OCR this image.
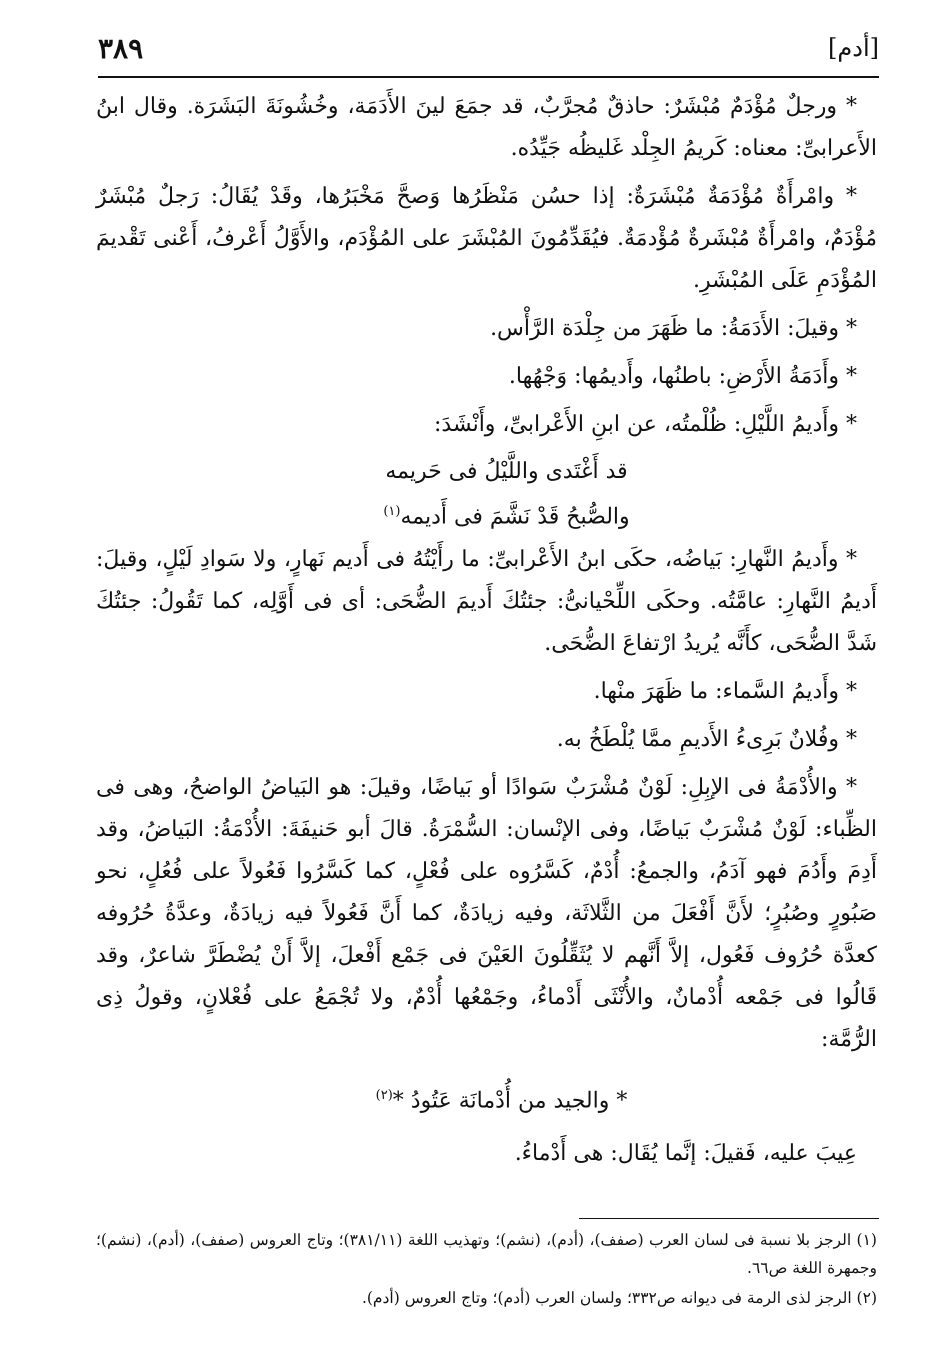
[أدم]
٣٨٩

* ورجلٌ مُؤْدَمٌ مُبْشَرٌ: حاذقٌ مُجرَّبٌ، قد جمَعَ لينَ الأَدَمَة، وخُشُونَةَ البَشَرَة. وقال ابنُ الأَعرابىِّ: معناه: كَريمُ الجِلْد غَليظُه جَيِّدُه.

* وامْرأَةٌ مُؤْدَمَةٌ مُبْشَرَةٌ: إذا حسُن مَنْظَرُها وَصحَّ مَخْبَرُها، وقَدْ يُقَالُ: رَجلٌ مُبْشَرٌ مُؤْدَمٌ، وامْرأَةٌ مُبْشَرةٌ مُؤْدمَةٌ. فيُقَدِّمُونَ المُبْشَرَ على المُؤْدَم، والأَوَّلُ أَعْرفُ، أَعْنى تَقْديمَ المُؤْدَمِ عَلَى المُبْشَرِ.

* وقيلَ: الأَدَمَةُ: ما ظَهَرَ من جِلْدَة الرَّأْس.

* وأَدَمَةُ الأَرْضِ: باطنُها، وأَديمُها: وَجْهُها.

* وأَديمُ اللَّيْلِ: ظُلْمتُه، عن ابنِ الأَعْرابىِّ، وأَنْشَدَ:

قد أَغْتَدى واللَّيْلُ فى حَريمه
والصُّبحُ قَدْ نَشَّمَ فى أَديمه$^{(١)}$

* وأَديمُ النَّهارِ: بَياضُه، حكَى ابنُ الأَعْرابىِّ: ما رأَيْتُهُ فى أَديم نَهارٍ، ولا سَوادِ لَيْلٍ، وقيلَ: أَديمُ النَّهارِ: عامَّتُه. وحكَى اللِّحْيانىُّ: جئتُكَ أَديمَ الضُّحَى: أى فى أَوَّلِه، كما تَقُولُ: جئتُكَ شَدَّ الضُّحَى، كأَنَّه يُريدُ ارْتفاعَ الضُّحَى.

* وأَديمُ السَّماء: ما ظَهَرَ منْها.

* وفُلانٌ بَرِىءُ الأَديمِ ممَّا يُلْطَخُ به.

* والأُدْمَةُ فى الإبِلِ: لَوْنٌ مُشْرَبٌ سَوادًا أو بَياضًا، وقيلَ: هو البَياضُ الواضحُ، وهى فى الظِّباء: لَوْنٌ مُشْرَبٌ بَياضًا، وفى الإنْسان: السُّمْرَةُ. قالَ أبو حَنيفَةَ: الأُدْمَةُ: البَياضُ، وقد أَدِمَ وأَدُمَ فهو آدَمُ، والجمعُ: أُدْمٌ، كَسَّرُوه على فُعْلٍ، كما كَسَّرُوا فَعُولاً على فُعُلٍ، نحو صَبُورٍ وصُبُرٍ؛ لأَنَّ أَفْعَلَ من الثَّلاثَة، وفيه زيادَةٌ، كما أَنَّ فَعُولاً فيه زيادَةٌ، وعدَّةُ حُرُوفه كعدَّة حُرُوف فَعُول، إلاَّ أَنَّهم لا يُثَقِّلُونَ العَيْنَ فى جَمْع أَفْعلَ، إلاَّ أَنْ يُضْطَرَّ شاعرٌ، وقد قَالُوا فى جَمْعه أُدْمانٌ، والأُنْثَى أَدْماءُ، وجَمْعُها أُدْمٌ، ولا تُجْمَعُ على فُعْلانٍ، وقولُ ذِى الرُّمَّة:

* والجيد من أُدْمانَة عَتُودُ *$^{(٢)}$

عِيبَ عليه، فَقيلَ: إنَّما يُقَال: هى أَدْماءُ.

(١) الرجز بلا نسبة فى لسان العرب (صفف)، (أدم)، (نشم)؛ وتهذيب اللغة (٣٨١/١١)؛ وتاج العروس (صفف)، (أدم)، (نشم)؛ وجمهرة اللغة ص٦٦.

(٢) الرجز لذى الرمة فى ديوانه ص٣٣٢؛ ولسان العرب (أدم)؛ وتاج العروس (أدم).
